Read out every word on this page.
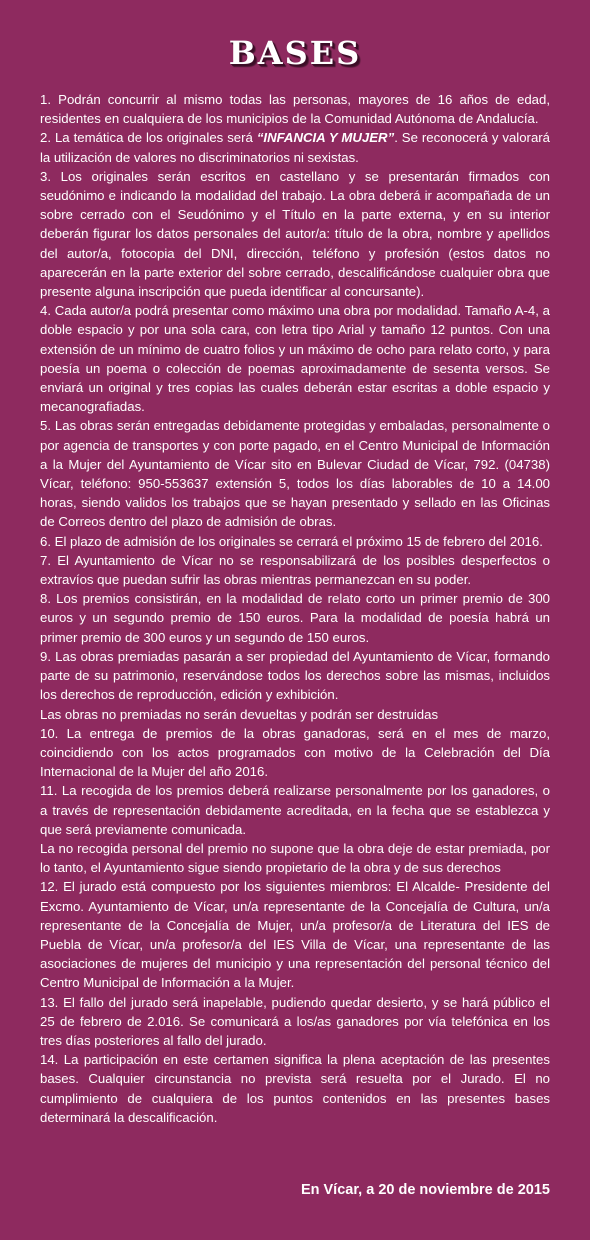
BASES

1. Podrán concurrir al mismo todas las personas, mayores de 16 años de edad, residentes en cualquiera de los municipios de la Comunidad Autónoma de Andalucía.

2. La temática de los originales será “INFANCIA Y MUJER”. Se reconocerá y valorará la utilización de valores no discriminatorios ni sexistas.

3. Los originales serán escritos en castellano y se presentarán firmados con seudónimo e indicando la modalidad del trabajo. La obra deberá ir acompañada de un sobre cerrado con el Seudónimo y el Título en la parte externa, y en su interior deberán figurar los datos personales del autor/a: título de la obra, nombre y apellidos del autor/a, fotocopia del DNI, dirección, teléfono y profesión (estos datos no aparecerán en la parte exterior del sobre cerrado, descalificándose cualquier obra que presente alguna inscripción que pueda identificar al concursante).

4. Cada autor/a podrá presentar como máximo una obra por modalidad. Tamaño A-4, a doble espacio y por una sola cara, con letra tipo Arial y tamaño 12 puntos. Con una extensión de un mínimo de cuatro folios y un máximo de ocho para relato corto, y para poesía un poema o colección de poemas aproximadamente de sesenta versos. Se enviará un original y tres copias las cuales deberán estar escritas a doble espacio y mecanografiadas.

5. Las obras serán entregadas debidamente protegidas y embaladas, personalmente o por agencia de transportes y con porte pagado, en el Centro Municipal de Información a la Mujer del Ayuntamiento de Vícar sito en Bulevar Ciudad de Vícar, 792. (04738) Vícar, teléfono: 950-553637 extensión 5, todos los días laborables de 10 a 14.00 horas, siendo validos los trabajos que se hayan presentado y sellado en las Oficinas de Correos dentro del plazo de admisión de obras.

6. El plazo de admisión de los originales se cerrará el próximo 15 de febrero del 2016.

7. El Ayuntamiento de Vícar no se responsabilizará de los posibles desperfectos o extravíos que puedan sufrir las obras mientras permanezcan en su poder.

8. Los premios consistirán, en la modalidad de relato corto un primer premio de 300 euros y un segundo premio de 150 euros. Para la modalidad de poesía habrá un primer premio de 300 euros y un segundo de 150 euros.

9. Las obras premiadas pasarán a ser propiedad del Ayuntamiento de Vícar, formando parte de su patrimonio, reservándose todos los derechos sobre las mismas, incluidos los derechos de reproducción, edición y exhibición.

Las obras no premiadas no serán devueltas y podrán ser destruidas

10. La entrega de premios de la obras ganadoras, será en el mes de marzo, coincidiendo con los actos programados con motivo de la Celebración del Día Internacional de la Mujer del año 2016.

11. La recogida de los premios deberá realizarse personalmente por los ganadores, o a través de representación debidamente acreditada, en la fecha que se establezca y que será previamente comunicada.

La no recogida personal del premio no supone que la obra deje de estar premiada, por lo tanto, el Ayuntamiento sigue siendo propietario de la obra y de sus derechos

12. El jurado está compuesto por los siguientes miembros: El Alcalde- Presidente del Excmo. Ayuntamiento de Vícar, un/a representante de la Concejalía de Cultura, un/a representante de la Concejalía de Mujer, un/a profesor/a de Literatura del IES de Puebla de Vícar, un/a profesor/a del IES Villa de Vícar, una representante de las asociaciones de mujeres del municipio y una representación del personal técnico del Centro Municipal de Información a la Mujer.

13. El fallo del jurado será inapelable, pudiendo quedar desierto, y se hará público el 25 de febrero de 2.016. Se comunicará a los/as ganadores por vía telefónica en los tres días posteriores al fallo del jurado.

14. La participación en este certamen significa la plena aceptación de las presentes bases. Cualquier circunstancia no prevista será resuelta por el Jurado. El no cumplimiento de cualquiera de los puntos contenidos en las presentes bases determinará la descalificación.

En Vícar, a 20 de noviembre de 2015
